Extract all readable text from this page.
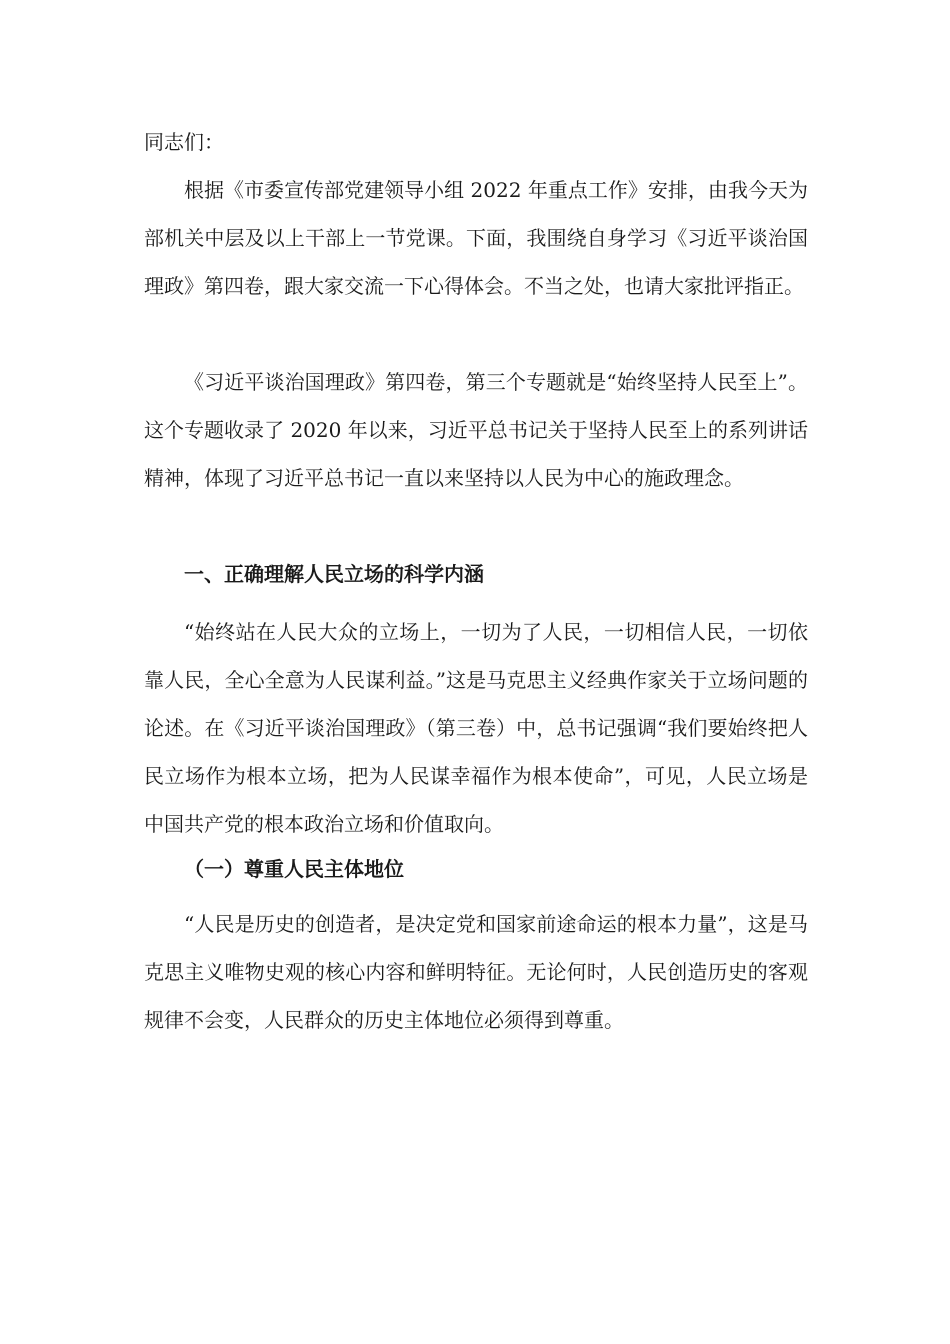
同志们：

根据《市委宣传部党建领导小组 2022 年重点工作》安排，由我今天为部机关中层及以上干部上一节党课。下面，我围绕自身学习《习近平谈治国理政》第四卷，跟大家交流一下心得体会。不当之处，也请大家批评指正。

《习近平谈治国理政》第四卷，第三个专题就是“始终坚持人民至上”。这个专题收录了 2020 年以来，习近平总书记关于坚持人民至上的系列讲话精神，体现了习近平总书记一直以来坚持以人民为中心的施政理念。

一、正确理解人民立场的科学内涵

“始终站在人民大众的立场上，一切为了人民，一切相信人民，一切依靠人民，全心全意为人民谋利益。”这是马克思主义经典作家关于立场问题的论述。在《习近平谈治国理政》（第三卷）中，总书记强调“我们要始终把人民立场作为根本立场，把为人民谋幸福作为根本使命”，可见，人民立场是中国共产党的根本政治立场和价值取向。

（一）尊重人民主体地位

“人民是历史的创造者，是决定党和国家前途命运的根本力量”，这是马克思主义唯物史观的核心内容和鲜明特征。无论何时，人民创造历史的客观规律不会变，人民群众的历史主体地位必须得到尊重。
